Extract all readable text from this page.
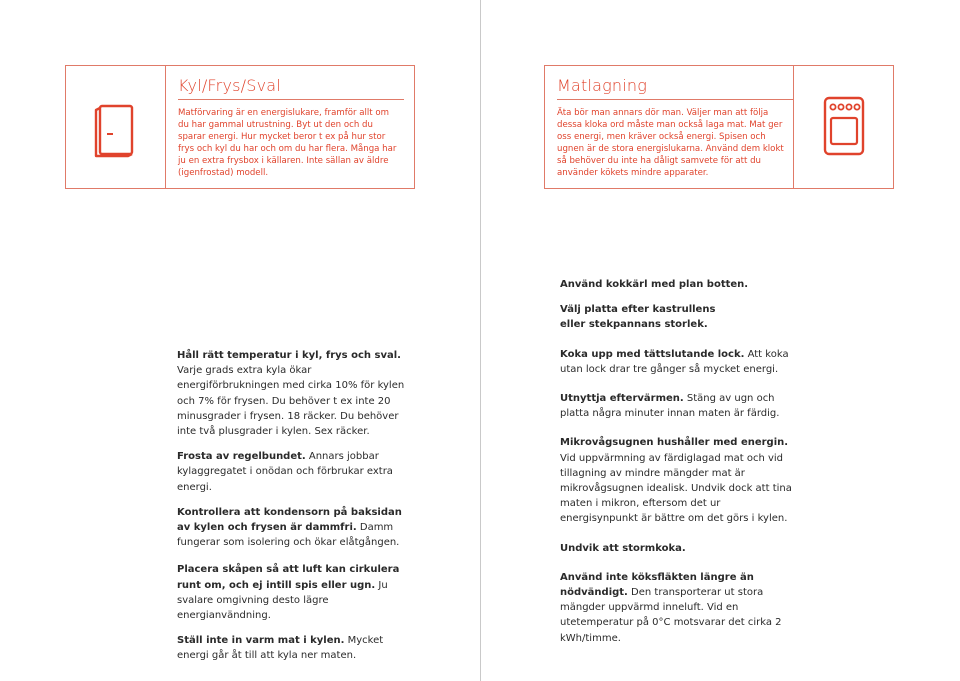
Kyl/Frys/Sval
Matförvaring är en energislukare, framför allt om du har gammal utrustning. Byt ut den och du sparar energi. Hur mycket beror t ex på hur stor frys och kyl du har och om du har flera. Många har ju en extra frysbox i källaren. Inte sällan av äldre (igenfrostad) modell.
Matlagning
Äta bör man annars dör man. Väljer man att följa dessa kloka ord måste man också laga mat. Mat ger oss energi, men kräver också energi. Spisen och ugnen är de stora energislukarna. Använd dem klokt så behöver du inte ha dåligt samvete för att du använder kökets mindre apparater.

Håll rätt temperatur i kyl, frys och sval. Varje grads extra kyla ökar energiförbrukningen med cirka 10% för kylen och 7% för frysen. Du behöver t ex inte 20 minusgrader i frysen. 18 räcker. Du behöver inte två plusgrader i kylen. Sex räcker.

Frosta av regelbundet. Annars jobbar kylaggregatet i onödan och förbrukar extra energi.

Kontrollera att kondensorn på baksidan av kylen och frysen är dammfri. Damm fungerar som isolering och ökar elåtgången.

Placera skåpen så att luft kan cirkulera runt om, och ej intill spis eller ugn. Ju svalare omgivning desto lägre energianvändning.

Ställ inte in varm mat i kylen. Mycket energi går åt till att kyla ner maten.

Använd kokkärl med plan botten.

Välj platta efter kastrullens eller stekpannans storlek.

Koka upp med tättslutande lock. Att koka utan lock drar tre gånger så mycket energi.

Utnyttja eftervärmen. Stäng av ugn och platta några minuter innan maten är färdig.

Mikrovågsugnen hushåller med energin. Vid uppvärmning av färdiglagad mat och vid tillagning av mindre mängder mat är mikrovågsugnen idealisk. Undvik dock att tina maten i mikron, eftersom det ur energisynpunkt är bättre om det görs i kylen.

Undvik att stormkoka.

Använd inte köksfläkten längre än nödvändigt. Den transporterar ut stora mängder uppvärmd inneluft. Vid en utetemperatur på 0°C motsvarar det cirka 2 kWh/timme.
